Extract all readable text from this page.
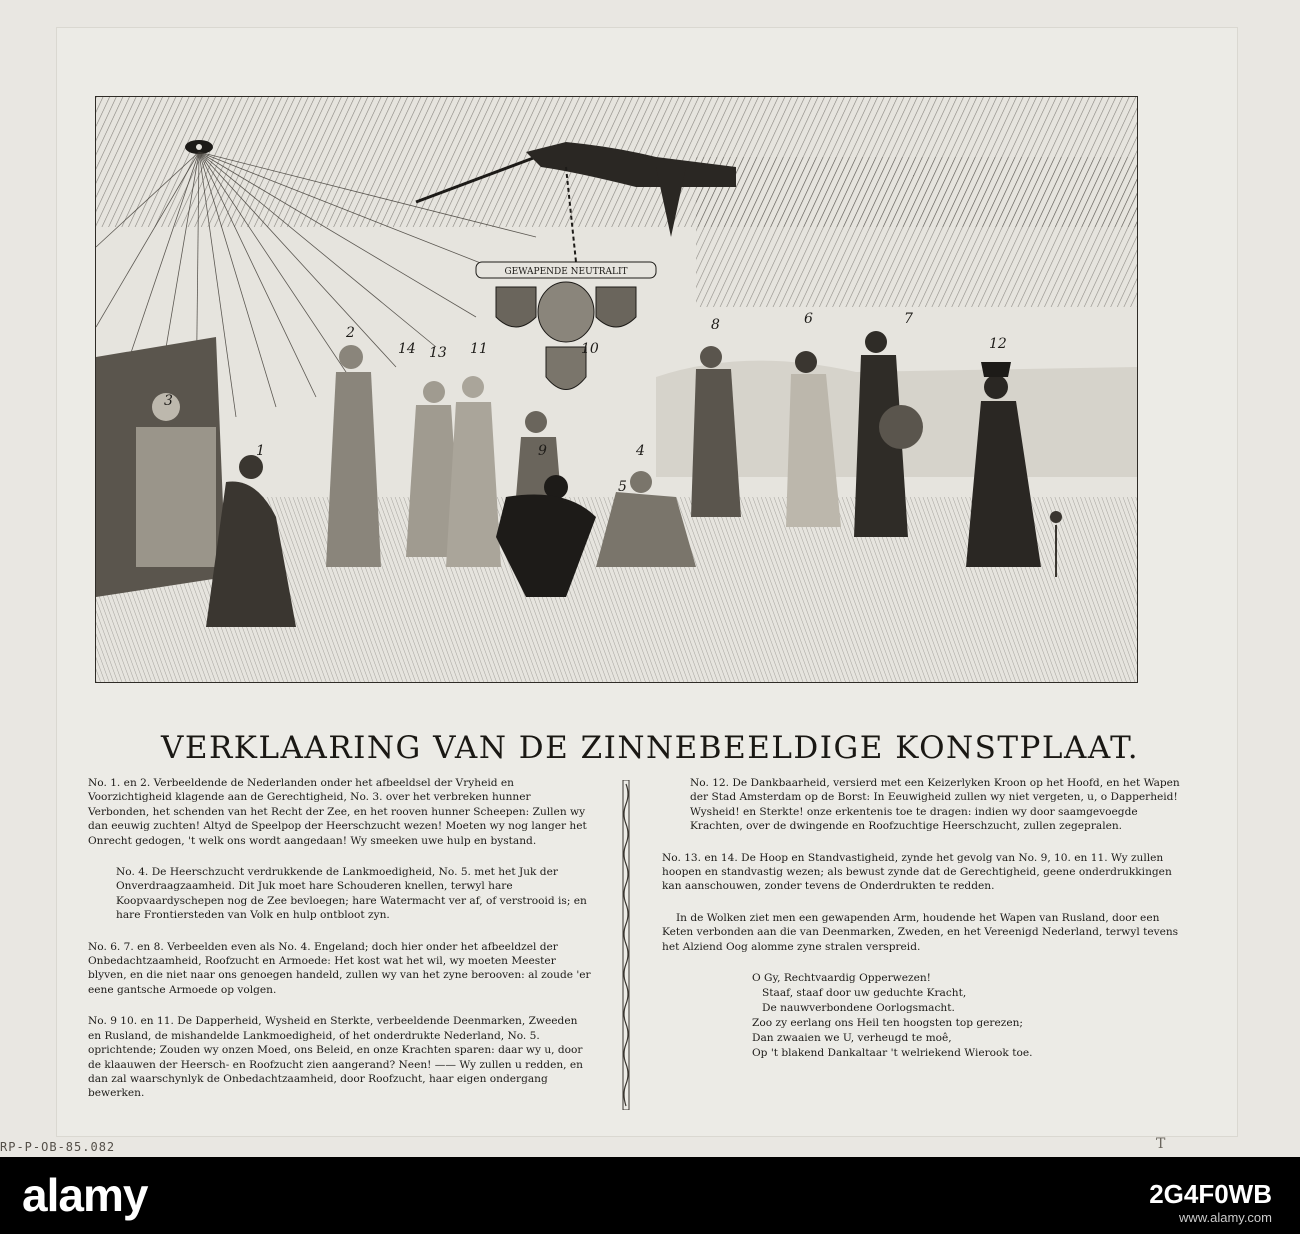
GEWAPENDE NEUTRALIT
2
14 13 11	10
8	6	7
12
3
9	4
5
1
VERKLAARING VAN DE ZINNEBEELDIGE KONSTPLAAT.

No. 1. en 2. Verbeeldende de Nederlanden onder het afbeeldsel der Vryheid en Voorzichtigheid klagende aan de Gerechtigheid, No. 3. over het verbreken hunner Verbonden, het schenden van het Recht der Zee, en het rooven hunner Scheepen: Zullen wy dan eeuwig zuchten! Altyd de Speelpop der Heerschzucht wezen! Moeten wy nog langer het Onrecht gedogen, 't welk ons wordt aangedaan! Wy smeeken uwe hulp en bystand.

No. 4. De Heerschzucht verdrukkende de Lankmoedigheid, No. 5. met het Juk der Onverdraagzaamheid. Dit Juk moet hare Schouderen knellen, terwyl hare Koopvaardyschepen nog de Zee bevloegen; hare Watermacht ver af, of verstrooid is; en hare Frontiersteden van Volk en hulp ontbloot zyn.

No. 6. 7. en 8. Verbeelden even als No. 4. Engeland; doch hier onder het afbeeldzel der Onbedachtzaamheid, Roofzucht en Armoede: Het kost wat het wil, wy moeten Meester blyven, en die niet naar ons genoegen handeld, zullen wy van het zyne berooven: al zoude 'er eene gantsche Armoede op volgen.

No. 9 10. en 11. De Dapperheid, Wysheid en Sterkte, verbeeldende Deenmarken, Zweeden en Rusland, de mishandelde Lankmoedigheid, of het onderdrukte Nederland, No. 5. oprichtende; Zouden wy onzen Moed, ons Beleid, en onze Krachten sparen: daar wy u, door de klaauwen der Heersch- en Roofzucht zien aangerand? Neen! —— Wy zullen u redden, en dan zal waarschynlyk de Onbedachtzaamheid, door Roofzucht, haar eigen ondergang bewerken.

No. 12. De Dankbaarheid, versierd met een Keizerlyken Kroon op het Hoofd, en het Wapen der Stad Amsterdam op de Borst: In Eeuwigheid zullen wy niet vergeten, u, o Dapperheid! Wysheid! en Sterkte! onze erkentenis toe te dragen: indien wy door saamgevoegde Krachten, over de dwingende en Roofzuchtige Heerschzucht, zullen zegepralen.

No. 13. en 14. De Hoop en Standvastigheid, zynde het gevolg van No. 9, 10. en 11. Wy zullen hoopen en standvastig wezen; als bewust zynde dat de Gerechtigheid, geene onderdrukkingen kan aanschouwen, zonder tevens de Onderdrukten te redden.

In de Wolken ziet men een gewapenden Arm, houdende het Wapen van Rusland, door een Keten verbonden aan die van Deenmarken, Zweden, en het Vereenigd Nederland, terwyl tevens het Alziend Oog alomme zyne stralen verspreid.

O Gy, Rechtvaardig Opperwezen!
Staaf, staaf door uw geduchte Kracht,
De nauwverbondene Oorlogsmacht.
Zoo zy eerlang ons Heil ten hoogsten top gerezen;
Dan zwaaien we U, verheugd te moê,
Op 't blakend Dankaltaar 't welriekend Wierook toe.
RP-P-OB-85.082	T
alamy	2G4F0WB
www.alamy.com
